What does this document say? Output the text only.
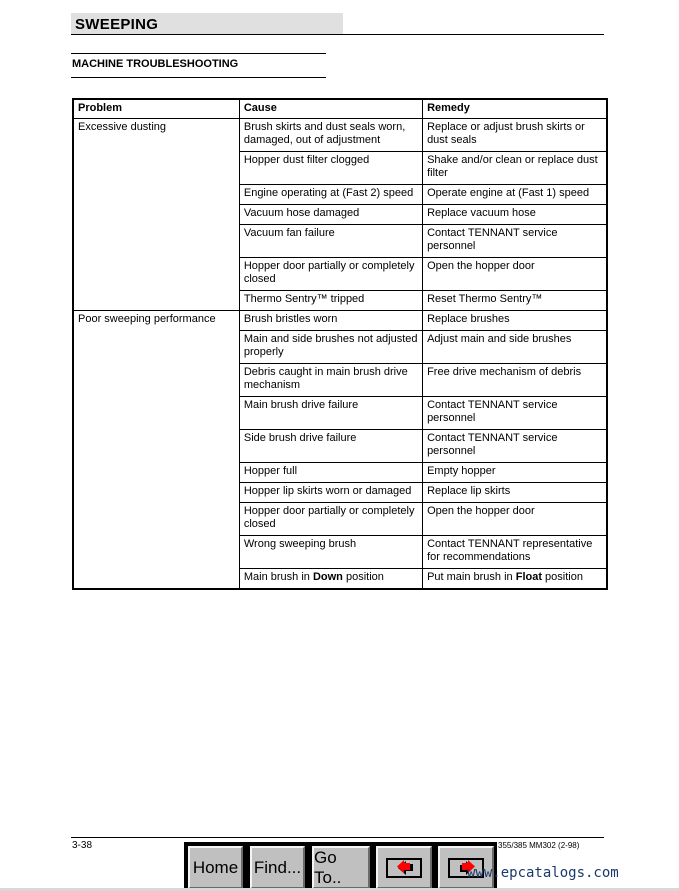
SWEEPING
MACHINE TROUBLESHOOTING
Problem	Cause	Remedy
Excessive dusting	Brush skirts and dust seals worn, damaged, out of adjustment	Replace or adjust brush skirts or dust seals
	Hopper dust filter clogged	Shake and/or clean or replace dust filter
	Engine operating at (Fast 2) speed	Operate engine at (Fast 1) speed
	Vacuum hose damaged	Replace vacuum hose
	Vacuum fan failure	Contact TENNANT service personnel
	Hopper door partially or completely closed	Open the hopper door
	Thermo Sentry™ tripped	Reset Thermo Sentry™
Poor sweeping performance	Brush bristles worn	Replace brushes
	Main and side brushes not adjusted properly	Adjust main and side brushes
	Debris caught in main brush drive mechanism	Free drive mechanism of debris
	Main brush drive failure	Contact TENNANT service personnel
	Side brush drive failure	Contact TENNANT service personnel
	Hopper full	Empty hopper
	Hopper lip skirts worn or damaged	Replace lip skirts
	Hopper door partially or completely closed	Open the hopper door
	Wrong sweeping brush	Contact TENNANT representative for recommendations
	Main brush in Down position	Put main brush in Float position
3-38	355/385 MM302 (2-98)
Home Find...
Go To..	www.epcatalogs.com
